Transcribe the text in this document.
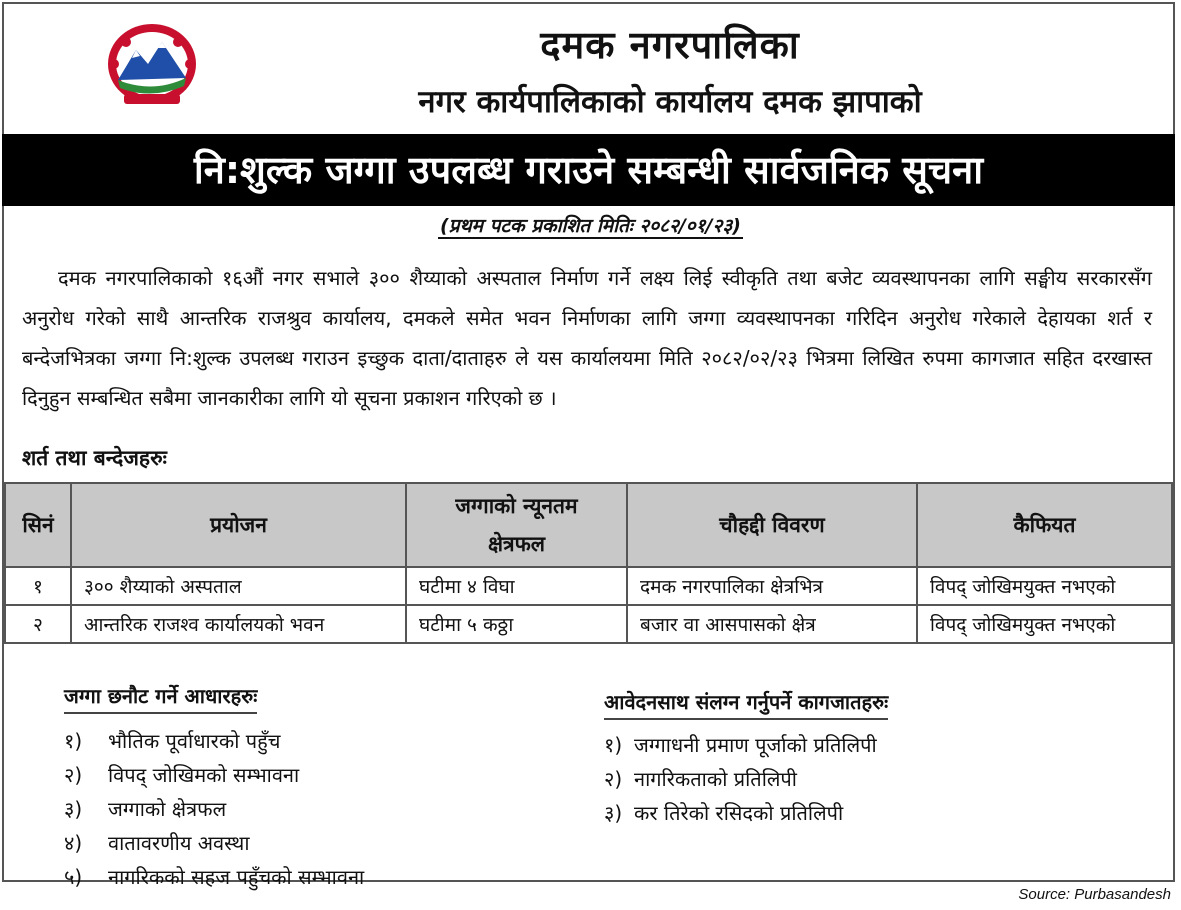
दमक नगरपालिका
नगर कार्यपालिकाको कार्यालय दमक झापाको
नि:शुल्क जग्गा उपलब्ध गराउने सम्बन्धी सार्वजनिक सूचना
(प्रथम पटक प्रकाशित मितिः २०८२/०१/२३)
दमक नगरपालिकाको १६औं नगर सभाले ३०० शैय्याको अस्पताल निर्माण गर्ने लक्ष्य लिई स्वीकृति तथा बजेट व्यवस्थापनका लागि सङ्घीय सरकारसँग अनुरोध गरेको साथै आन्तरिक राजश्रुव कार्यालय, दमकले समेत भवन निर्माणका लागि जग्गा व्यवस्थापनका गरिदिन अनुरोध गरेकाले देहायका शर्त र बन्देजभित्रका जग्गा नि:शुल्क उपलब्ध गराउन इच्छुक दाता/दाताहरु ले यस कार्यालयमा मिति २०८२/०२/२३ भित्रमा लिखित रुपमा कागजात सहित दरखास्त दिनुहुन सम्बन्धित सबैमा जानकारीका लागि यो सूचना प्रकाशन गरिएको छ ।
शर्त तथा बन्देजहरुः
सिनं	प्रयोजन	जग्गाको न्यूनतम क्षेत्रफल	चौहद्दी विवरण	कैफियत
१	३०० शैय्याको अस्पताल	घटीमा ४ विघा	दमक नगरपालिका क्षेत्रभित्र	विपद् जोखिमयुक्त नभएको
२	आन्तरिक राजश्व कार्यालयको भवन	घटीमा ५ कठ्ठा	बजार वा आसपासको क्षेत्र	विपद् जोखिमयुक्त नभएको
जग्गा छनौट गर्ने आधारहरुः
१) भौतिक पूर्वाधारको पहुँच
२) विपद् जोखिमको सम्भावना
३) जग्गाको क्षेत्रफल
४) वातावरणीय अवस्था
५) नागरिकको सहज पहुँचको सम्भावना
आवेदनसाथ संलग्न गर्नुपर्ने कागजातहरुः
१) जग्गाधनी प्रमाण पूर्जाको प्रतिलिपी
२) नागरिकताको प्रतिलिपी
३) कर तिरेको रसिदको प्रतिलिपी
Source: Purbasandesh
